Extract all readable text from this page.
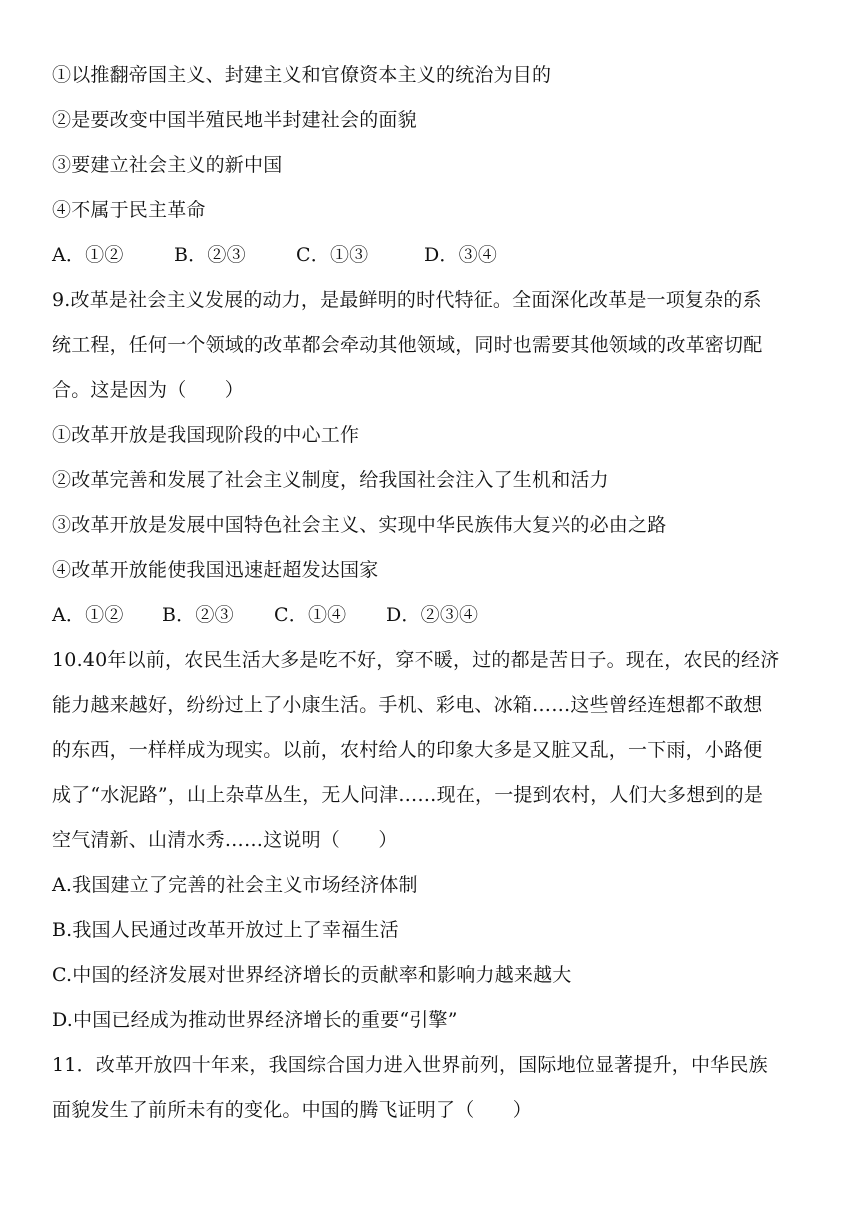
①以推翻帝国主义、封建主义和官僚资本主义的统治为目的
②是要改变中国半殖民地半封建社会的面貌
③要建立社会主义的新中国
④不属于民主革命
A．①②	B．②③	C．①③	D．③④
9.改革是社会主义发展的动力，是最鲜明的时代特征。全面深化改革是一项复杂的系
统工程，任何一个领域的改革都会牵动其他领域，同时也需要其他领域的改革密切配
合。这是因为（　　）
①改革开放是我国现阶段的中心工作
②改革完善和发展了社会主义制度，给我国社会注入了生机和活力
③改革开放是发展中国特色社会主义、实现中华民族伟大复兴的必由之路
④改革开放能使我国迅速赶超发达国家
A．①② B．②③ C．①④ D．②③④
10.40年以前，农民生活大多是吃不好，穿不暖，过的都是苦日子。现在，农民的经济
能力越来越好，纷纷过上了小康生活。手机、彩电、冰箱……这些曾经连想都不敢想
的东西，一样样成为现实。以前，农村给人的印象大多是又脏又乱，一下雨，小路便
成了“水泥路”，山上杂草丛生，无人问津……现在，一提到农村，人们大多想到的是
空气清新、山清水秀……这说明（　　）
A.我国建立了完善的社会主义市场经济体制
B.我国人民通过改革开放过上了幸福生活
C.中国的经济发展对世界经济增长的贡献率和影响力越来越大
D.中国已经成为推动世界经济增长的重要“引擎”
11．改革开放四十年来，我国综合国力进入世界前列，国际地位显著提升，中华民族
面貌发生了前所未有的变化。中国的腾飞证明了（　　）
